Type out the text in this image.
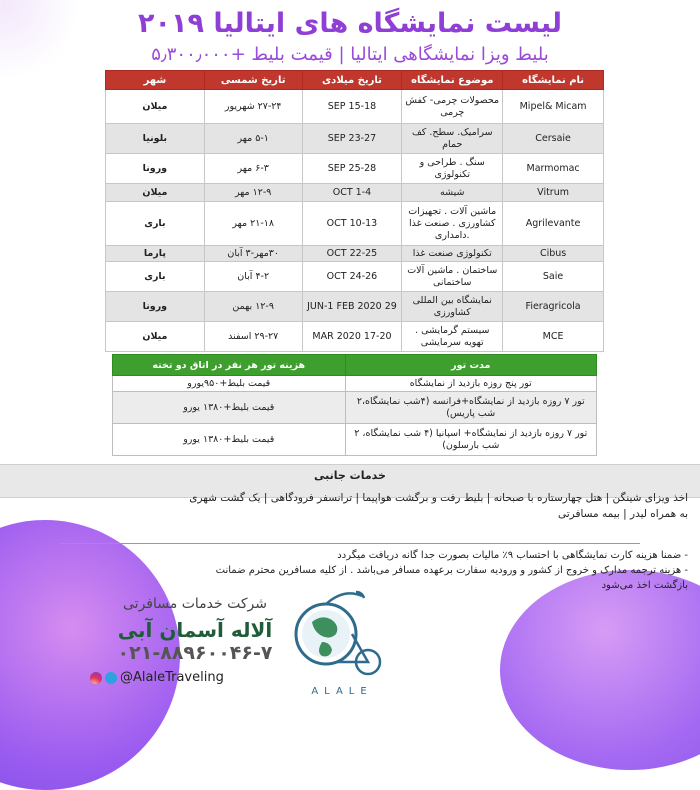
لیست نمایشگاه های ایتالیا ۲۰۱۹
بلیط ویزا نمایشگاهی ایتالیا | قیمت بلیط +۵٫۳۰۰٫۰۰۰
نام نمایشگاه	موضوع نمایشگاه	تاریخ میلادی	تاریخ شمسی	شهر
Mipel& Micam	محصولات چرمی- کفش چرمی	15-18 SEP	۲۷-۲۴ شهریور	میلان
Cersaie	سرامیک. سطح. کف حمام	23-27 SEP	۵-۱ مهر	بلونیا
Marmomac	سنگ . طراحی و تکنولوژی	25-28 SEP	۶-۳ مهر	ورونا
Vitrum	شیشه	1-4 OCT	۱۲-۹ مهر	میلان
Agrilevante	ماشین آلات . تجهیزات کشاورزی . صنعت غذا .دامداری	10-13 OCT	۲۱-۱۸ مهر	باری
Cibus	تکنولوژی صنعت غذا	22-25 OCT	۳۰مهر-۳ آبان	پارما
Saie	ساختمان . ماشین آلات ساختمانی	24-26 OCT	۴-۲ آبان	باری
Fieragricola	نمایشگاه بین المللی کشاورزی	29 JUN-1 FEB 2020	۱۲-۹ بهمن	ورونا
MCE	سیستم گرمایشی . تهویه سرمایشی	17-20 MAR 2020	۲۹-۲۷ اسفند	میلان
مدت تور	هزینه تور هر نفر در اتاق دو تخته
تور پنج روزه بازدید از نمایشگاه	قیمت بلیط+۹۵۰یورو
تور ۷ روزه بازدید از نمایشگاه+فرانسه (۴شب نمایشگاه،۲ شب پاریس)	قیمت بلیط+۱۳۸۰ یورو
تور ۷ روزه بازدید از نمایشگاه+ اسپانیا (۴ شب نمایشگاه، ۲ شب بارسلون)	قیمت بلیط+۱۳۸۰ یورو
خدمات جانبی
اخذ ویزای شینگن | هتل چهارستاره با صبحانه | بلیط رفت و برگشت هواپیما | ترانسفر فرودگاهی | یک گشت شهری
به همراه لیدر | بیمه مسافرتی
- ضمنا هزینه کارت نمایشگاهی با احتساب ۹٪ مالیات بصورت جدا گانه دریافت میگردد
- هزینه ترجمه مدارک و خروج از کشور و ورودیه سفارت برعهده مسافر می‌باشد . از کلیه مسافرین محترم ضمانت
بازگشت اخذ می‌شود
شرکت خدمات مسافرتی
آلاله آسمان آبی
۰۲۱-۸۸۹۶۰۰۴۶-۷
@AlaleTraveling
ALALE
